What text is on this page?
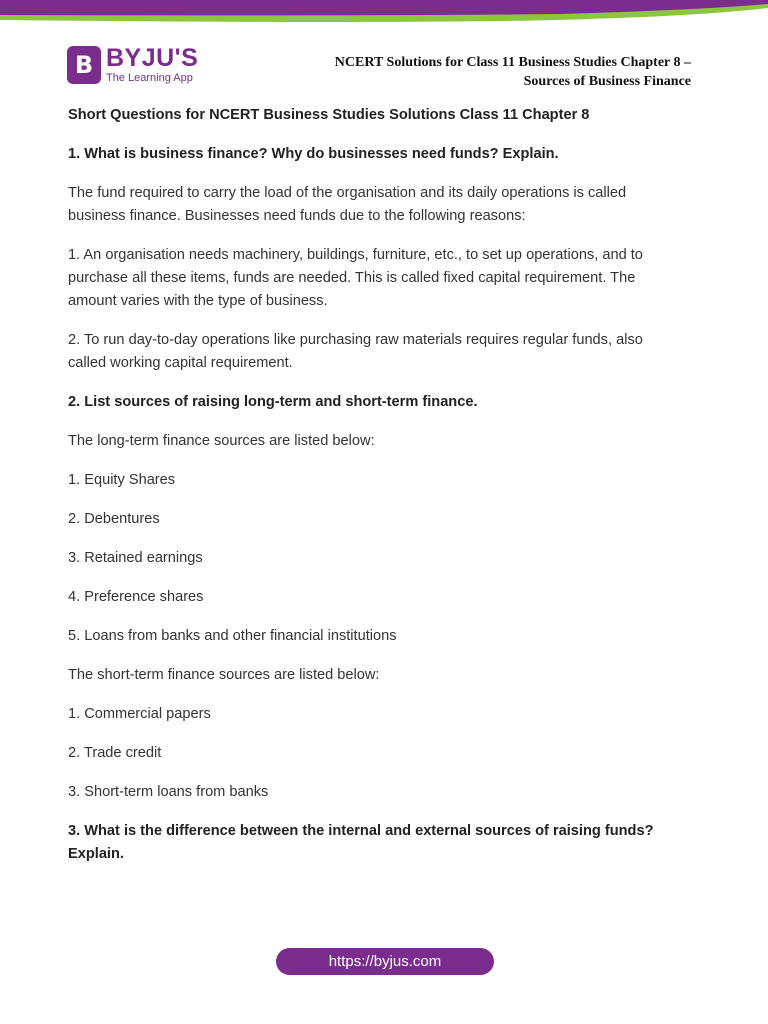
B BYJU'S
The Learning App
NCERT Solutions for Class 11 Business Studies Chapter 8 –
Sources of Business Finance

Short Questions for NCERT Business Studies Solutions Class 11 Chapter 8

1. What is business finance? Why do businesses need funds? Explain.

The fund required to carry the load of the organisation and its daily operations is called
business finance. Businesses need funds due to the following reasons:

1. An organisation needs machinery, buildings, furniture, etc., to set up operations, and to
purchase all these items, funds are needed. This is called fixed capital requirement. The
amount varies with the type of business.

2. To run day-to-day operations like purchasing raw materials requires regular funds, also
called working capital requirement.

2. List sources of raising long-term and short-term finance.

The long-term finance sources are listed below:

1. Equity Shares

2. Debentures

3. Retained earnings

4. Preference shares

5. Loans from banks and other financial institutions

The short-term finance sources are listed below:

1. Commercial papers

2. Trade credit

3. Short-term loans from banks

3. What is the difference between the internal and external sources of raising funds?
Explain.

https://byjus.com
